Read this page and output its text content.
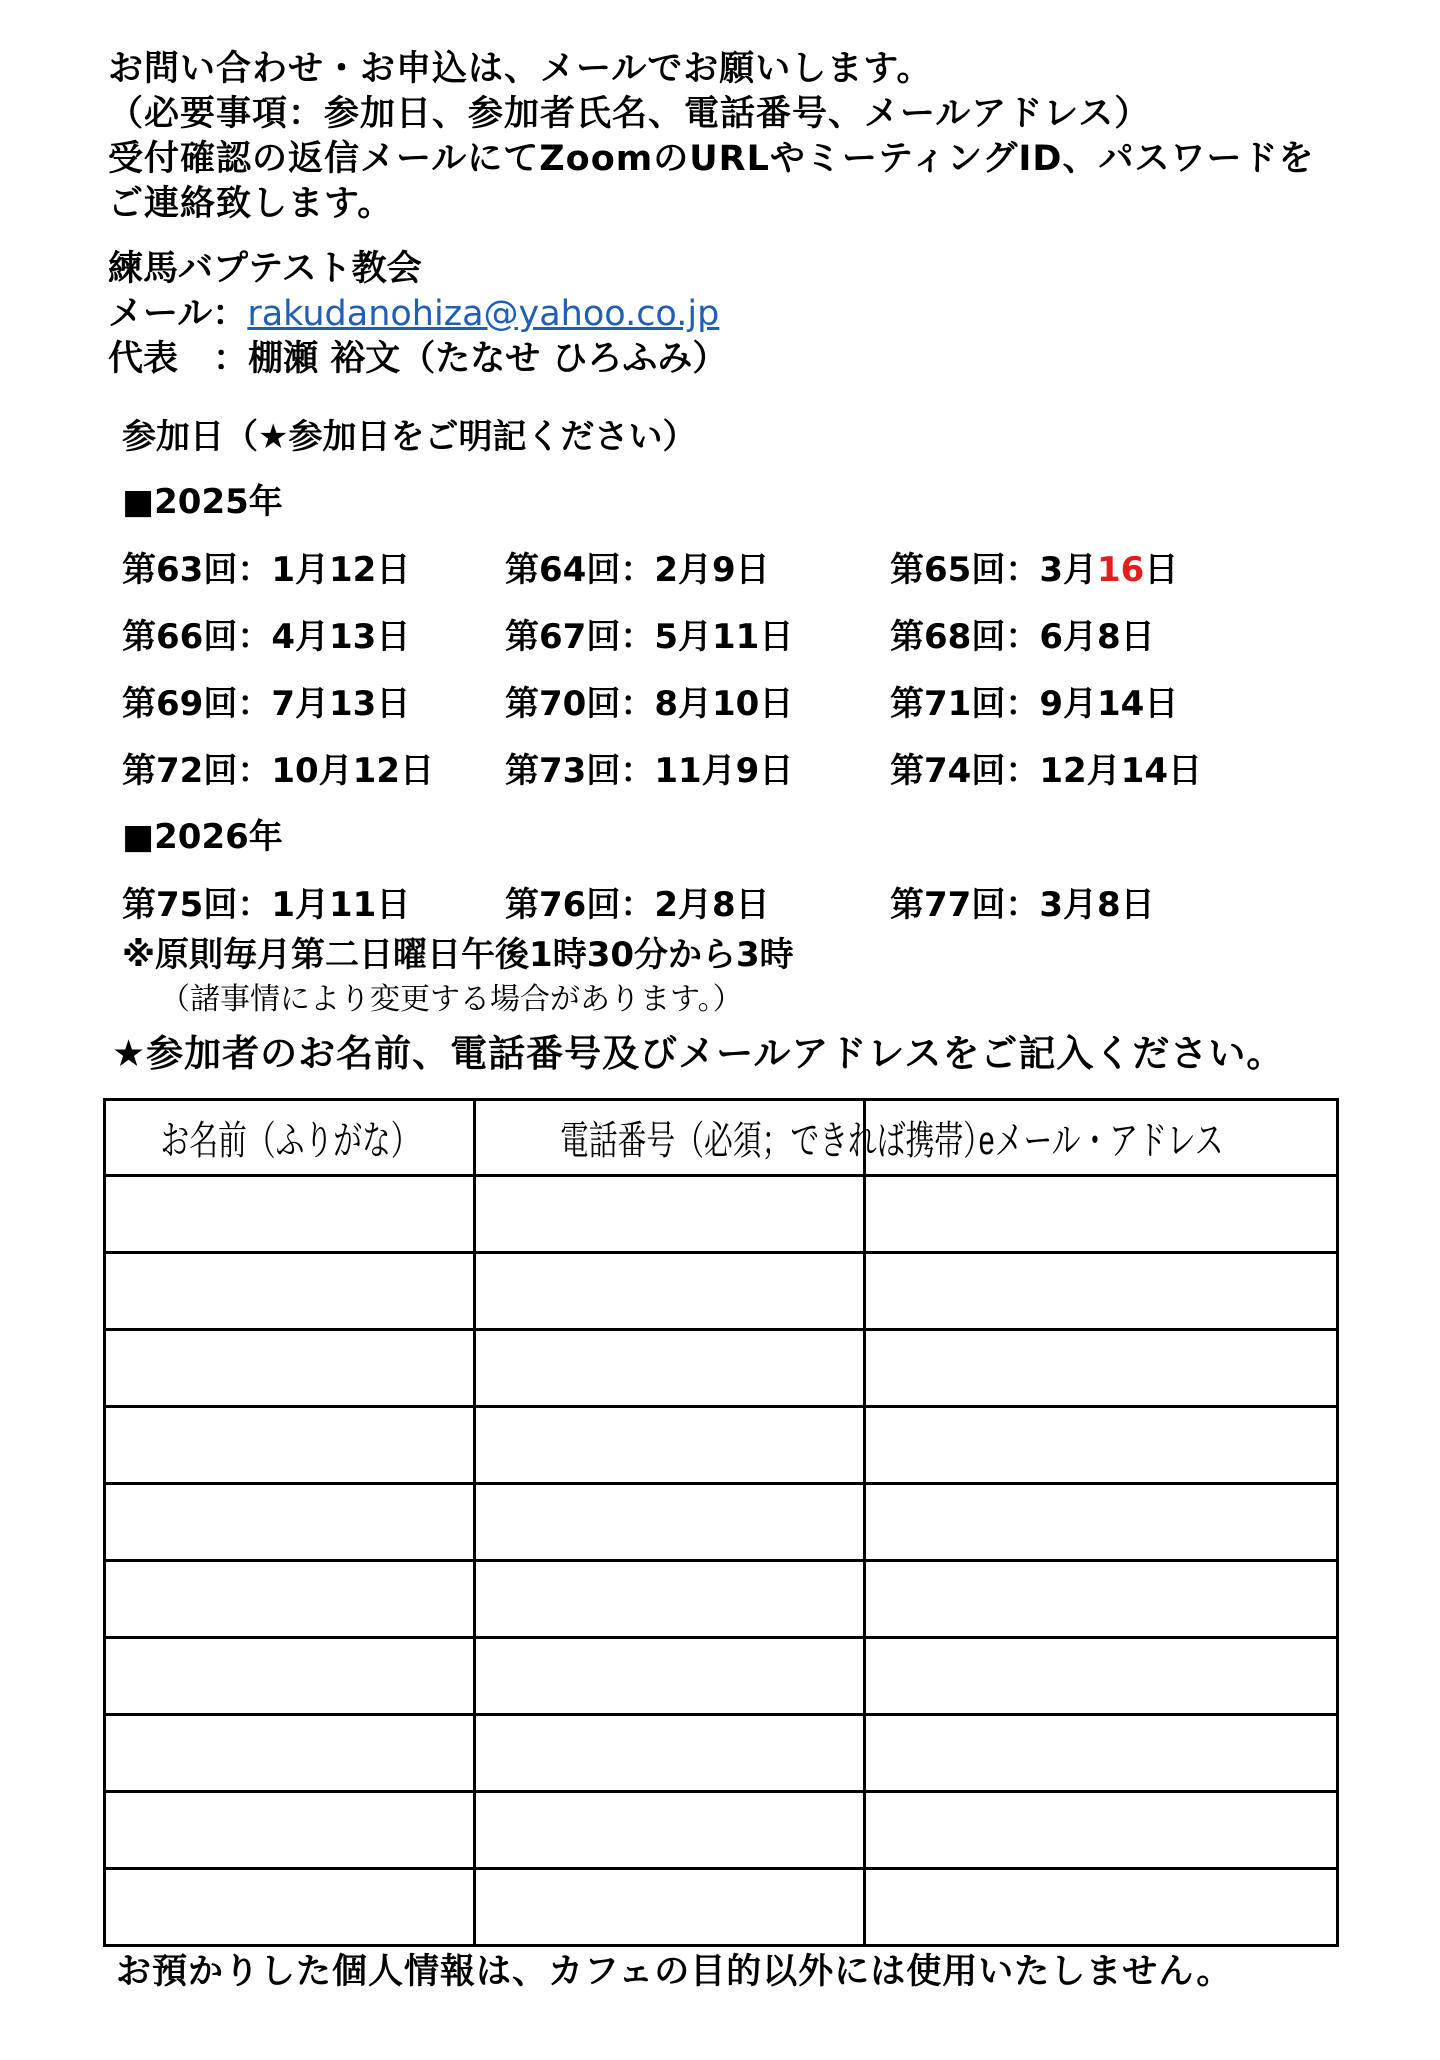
お問い合わせ・お申込は、メールでお願いします。
（必要事項：参加日、参加者氏名、電話番号、メールアドレス）
受付確認の返信メールにてZoomのURLやミーティングID、パスワードを
ご連絡致します。
練馬バプテスト教会
メール：rakudanohiza@yahoo.co.jp
代表　：棚瀬 裕文（たなせ ひろふみ）
参加日（★参加日をご明記ください）
■2025年
■2026年
第63回：1月12日	第64回：2月9日	第65回：3月16日
第66回：4月13日	第67回：5月11日	第68回：6月8日
第69回：7月13日	第70回：8月10日	第71回：9月14日
第72回：10月12日 第73回：11月9日	第74回：12月14日
第75回：1月11日	第76回：2月8日	第77回：3月8日
※原則毎月第二日曜日午後1時30分から3時
（諸事情により変更する場合があります。）
★参加者のお名前、電話番号及びメールアドレスをご記入ください。
お名前（ふりがな）	電話番号（必須；できれば携帯）	eメール・アドレス

お預かりした個人情報は、カフェの目的以外には使用いたしません。
